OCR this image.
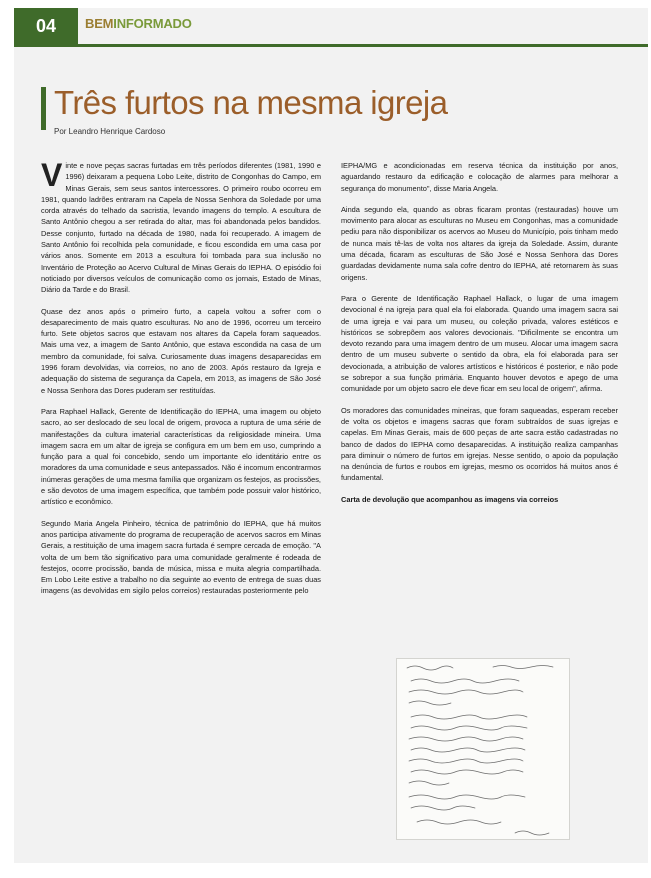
04	BEMINFORMADO
Três furtos na mesma igreja
Por Leandro Henrique Cardoso

Vinte e nove peças sacras furtadas em três períodos diferentes (1981, 1990 e 1996) deixaram a pequena Lobo Leite, distrito de Congonhas do Campo, em Minas Gerais, sem seus santos intercessores. O primeiro roubo ocorreu em 1981, quando ladrões entraram na Capela de Nossa Senhora da Soledade por uma corda através do telhado da sacristia, levando imagens do templo. A escultura de Santo Antônio chegou a ser retirada do altar, mas foi abandonada pelos bandidos. Desse conjunto, furtado na década de 1980, nada foi recuperado. A imagem de Santo Antônio foi recolhida pela comunidade, e ficou escondida em uma casa por vários anos. Somente em 2013 a escultura foi tombada para sua inclusão no Inventário de Proteção ao Acervo Cultural de Minas Gerais do IEPHA. O episódio foi noticiado por diversos veículos de comunicação como os jornais, Estado de Minas, Diário da Tarde e do Brasil.

Quase dez anos após o primeiro furto, a capela voltou a sofrer com o desaparecimento de mais quatro esculturas. No ano de 1996, ocorreu um terceiro furto. Sete objetos sacros que estavam nos altares da Capela foram saqueados. Mais uma vez, a imagem de Santo Antônio, que estava escondida na casa de um membro da comunidade, foi salva. Curiosamente duas imagens desaparecidas em 1996 foram devolvidas, via correios, no ano de 2003. Após restauro da Igreja e adequação do sistema de segurança da Capela, em 2013, as imagens de São José e Nossa Senhora das Dores puderam ser restituídas.

Para Raphael Hallack, Gerente de Identificação do IEPHA, uma imagem ou objeto sacro, ao ser deslocado de seu local de origem, provoca a ruptura de uma série de manifestações da cultura imaterial características da religiosidade mineira. Uma imagem sacra em um altar de igreja se configura em um bem em uso, cumprindo a função para a qual foi concebido, sendo um importante elo identitário entre os moradores da uma comunidade e seus antepassados. Não é incomum encontrarmos inúmeras gerações de uma mesma família que organizam os festejos, as procissões, e são devotos de uma imagem específica, que também pode possuir valor histórico, artístico e econômico.

Segundo Maria Angela Pinheiro, técnica de patrimônio do IEPHA, que há muitos anos participa ativamente do programa de recuperação de acervos sacros em Minas Gerais, a restituição de uma imagem sacra furtada é sempre cercada de emoção. "A volta de um bem tão significativo para uma comunidade geralmente é rodeada de festejos, ocorre procissão, banda de música, missa e muita alegria compartilhada. Em Lobo Leite estive a trabalho no dia seguinte ao evento de entrega de suas duas imagens (as devolvidas em sigilo pelos correios) restauradas posteriormente pelo

IEPHA/MG e acondicionadas em reserva técnica da instituição por anos, aguardando restauro da edificação e colocação de alarmes para melhorar a segurança do monumento", disse Maria Angela.

Ainda segundo ela, quando as obras ficaram prontas (restauradas) houve um movimento para alocar as esculturas no Museu em Congonhas, mas a comunidade pediu para não disponibilizar os acervos ao Museu do Município, pois tinham medo de nunca mais tê-las de volta nos altares da igreja da Soledade. Assim, durante uma década, ficaram as esculturas de São José e Nossa Senhora das Dores guardadas devidamente numa sala cofre dentro do IEPHA, até retornarem às suas origens.

Para o Gerente de Identificação Raphael Hallack, o lugar de uma imagem devocional é na igreja para qual ela foi elaborada. Quando uma imagem sacra sai de uma igreja e vai para um museu, ou coleção privada, valores estéticos e históricos se sobrepõem aos valores devocionais. "Dificilmente se encontra um devoto rezando para uma imagem dentro de um museu. Alocar uma imagem sacra dentro de um museu subverte o sentido da obra, ela foi elaborada para ser devocionada, a atribuição de valores artísticos e históricos é posterior, e não pode se sobrepor a sua função primária. Enquanto houver devotos e apego de uma comunidade por um objeto sacro ele deve ficar em seu local de origem", afirma.

Os moradores das comunidades mineiras, que foram saqueadas, esperam receber de volta os objetos e imagens sacras que foram subtraídos de suas igrejas e capelas. Em Minas Gerais, mais de 600 peças de arte sacra estão cadastradas no banco de dados do IEPHA como desaparecidas. A instituição realiza campanhas para diminuir o número de furtos em igrejas. Nesse sentido, o apoio da população na denúncia de furtos e roubos em igrejas, mesmo os ocorridos há muitos anos é fundamental.

Carta de devolução que acompanhou as imagens via correios
